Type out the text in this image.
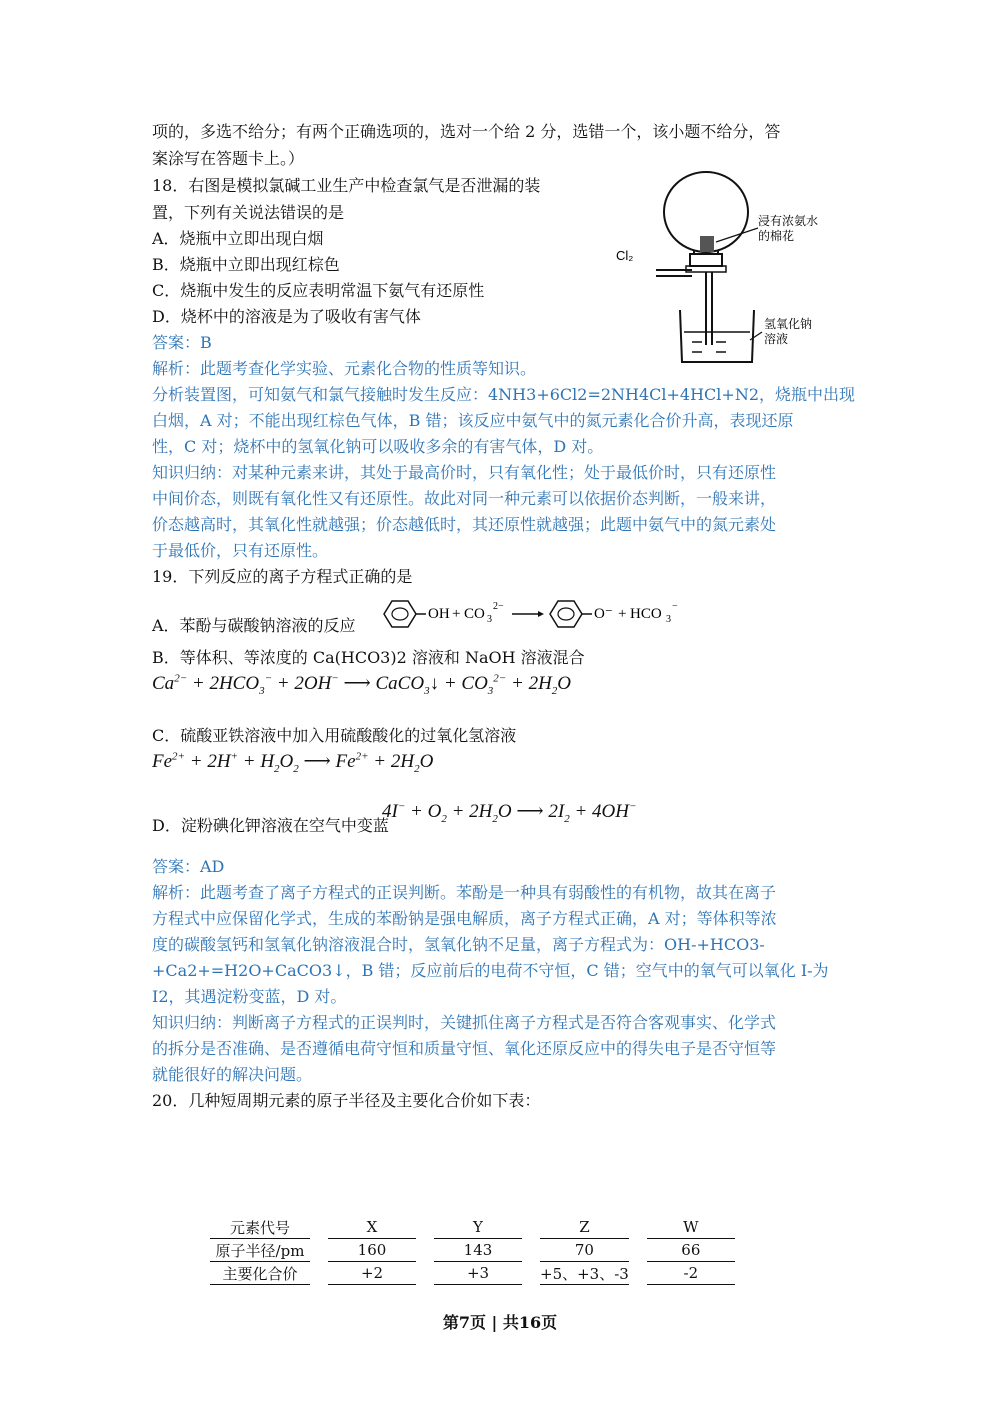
项的，多选不给分；有两个正确选项的，选对一个给 2 分，选错一个，该小题不给分，答
案涂写在答题卡上。）
18．右图是模拟氯碱工业生产中检查氯气是否泄漏的装
置，下列有关说法错误的是
A．烧瓶中立即出现白烟
B．烧瓶中立即出现红棕色
C．烧瓶中发生的反应表明常温下氨气有还原性
D．烧杯中的溶液是为了吸收有害气体
答案：B
解析：此题考查化学实验、元素化合物的性质等知识。
分析装置图，可知氨气和氯气接触时发生反应：4NH3+6Cl2=2NH4Cl+4HCl+N2，烧瓶中出现
白烟，A 对；不能出现红棕色气体，B 错；该反应中氨气中的氮元素化合价升高，表现还原
性，C 对；烧杯中的氢氧化钠可以吸收多余的有害气体，D 对。
知识归纳：对某种元素来讲，其处于最高价时，只有氧化性；处于最低价时，只有还原性
中间价态，则既有氧化性又有还原性。故此对同一种元素可以依据价态判断，一般来讲，
价态越高时，其氧化性就越强；价态越低时，其还原性就越强；此题中氨气中的氮元素处
于最低价，只有还原性。
Cl₂
浸有浓氨水
的棉花
氢氧化钠
溶液
19．下列反应的离子方程式正确的是
A．苯酚与碳酸钠溶液的反应
OH + CO 3
2−	O⁻ + HCO 3
−
B．等体积、等浓度的 Ca(HCO3)2 溶液和 NaOH 溶液混合
$Ca^{2-} + 2HCO_3^- + 2OH^-$ ⟶ CaCO$_3$↓ + $CO_3^{2-} + 2H_2O$
C．硫酸亚铁溶液中加入用硫酸酸化的过氧化氢溶液
$Fe^{2+} + 2H^+ + H_2O_2$ ⟶ $Fe^{2+} + 2H_2O$
D．淀粉碘化钾溶液在空气中变蓝
$4I^- + O_2 + 2H_2O$ ⟶ $2I_2 + 4OH^-$
答案：AD
解析：此题考查了离子方程式的正误判断。苯酚是一种具有弱酸性的有机物，故其在离子
方程式中应保留化学式，生成的苯酚钠是强电解质，离子方程式正确，A 对；等体积等浓
度的碳酸氢钙和氢氧化钠溶液混合时，氢氧化钠不足量，离子方程式为：OH-+HCO3-
+Ca2+=H2O+CaCO3↓，B 错；反应前后的电荷不守恒，C 错；空气中的氧气可以氧化 I-为
I2，其遇淀粉变蓝，D 对。
知识归纳：判断离子方程式的正误判时，关键抓住离子方程式是否符合客观事实、化学式
的拆分是否准确、是否遵循电荷守恒和质量守恒、氧化还原反应中的得失电子是否守恒等
就能很好的解决问题。
20．几种短周期元素的原子半径及主要化合价如下表：
元素代号		X		Y		Z		W
原子半径/pm		160		143		70		66
主要化合价		+2		+3		+5、+3、-3		-2
第7页 | 共16页
